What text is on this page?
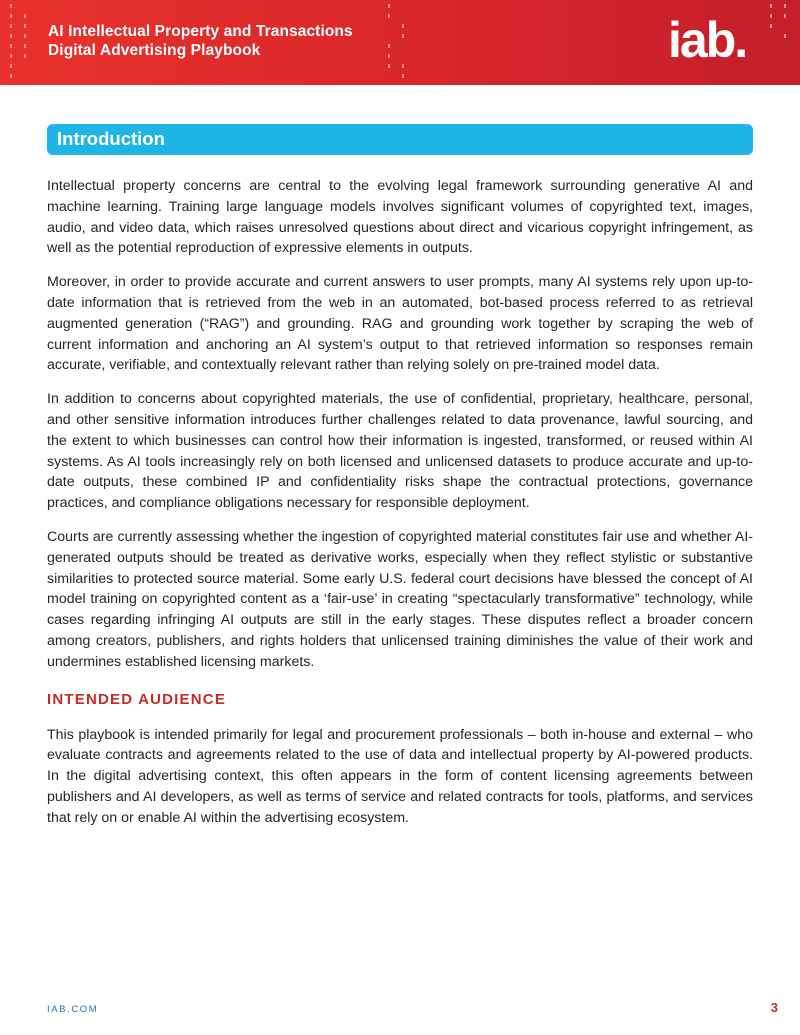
AI Intellectual Property and Transactions
Digital Advertising Playbook	iab.
Introduction

Intellectual property concerns are central to the evolving legal framework surrounding generative AI and machine learning. Training large language models involves significant volumes of copyrighted text, images, audio, and video data, which raises unresolved questions about direct and vicarious copyright infringement, as well as the potential reproduction of expressive elements in outputs.

Moreover, in order to provide accurate and current answers to user prompts, many AI systems rely upon up-to-date information that is retrieved from the web in an automated, bot-based process referred to as retrieval augmented generation (“RAG”) and grounding. RAG and grounding work together by scraping the web of current information and anchoring an AI system’s output to that retrieved information so responses remain accurate, verifiable, and contextually relevant rather than relying solely on pre-trained model data.

In addition to concerns about copyrighted materials, the use of confidential, proprietary, healthcare, personal, and other sensitive information introduces further challenges related to data provenance, lawful sourcing, and the extent to which businesses can control how their information is ingested, transformed, or reused within AI systems. As AI tools increasingly rely on both licensed and unlicensed datasets to produce accurate and up-to-date outputs, these combined IP and confidentiality risks shape the contractual protections, governance practices, and compliance obligations necessary for responsible deployment.

Courts are currently assessing whether the ingestion of copyrighted material constitutes fair use and whether AI-generated outputs should be treated as derivative works, especially when they reflect stylistic or substantive similarities to protected source material. Some early U.S. federal court decisions have blessed the concept of AI model training on copyrighted content as a ‘fair-use’ in creating “spectacularly transformative” technology, while cases regarding infringing AI outputs are still in the early stages. These disputes reflect a broader concern among creators, publishers, and rights holders that unlicensed training diminishes the value of their work and undermines established licensing markets.

INTENDED AUDIENCE

This playbook is intended primarily for legal and procurement professionals – both in-house and external – who evaluate contracts and agreements related to the use of data and intellectual property by AI-powered products. In the digital advertising context, this often appears in the form of content licensing agreements between publishers and AI developers, as well as terms of service and related contracts for tools, platforms, and services that rely on or enable AI within the advertising ecosystem.

IAB.COM	3
